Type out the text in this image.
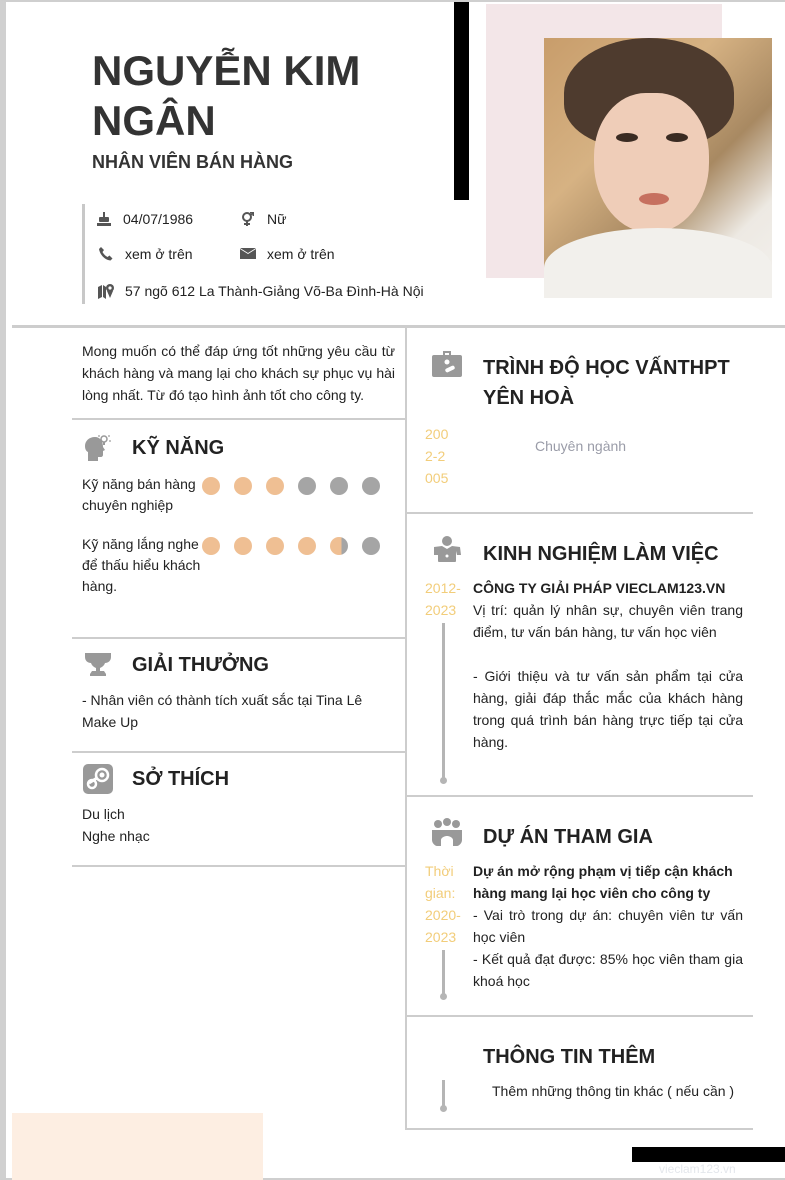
NGUYỄN KIM NGÂN
NHÂN VIÊN BÁN HÀNG
04/07/1986	Nữ
xem ở trên	xem ở trên
57 ngõ 612 La Thành-Giảng Võ-Ba Đình-Hà Nội
Mong muốn có thể đáp ứng tốt những yêu cầu từ khách hàng và mang lại cho khách sự phục vụ hài lòng nhất. Từ đó tạo hình ảnh tốt cho công ty.
KỸ NĂNG
Kỹ năng bán hàng chuyên nghiệp
Kỹ năng lắng nghe để thấu hiểu khách hàng.
GIẢI THƯỞNG
- Nhân viên có thành tích xuất sắc tại Tina Lê Make Up
SỞ THÍCH
Du lịch
Nghe nhạc
TRÌNH ĐỘ HỌC VẤNTHPT YÊN HOÀ
2002-2005
Chuyên ngành
KINH NGHIỆM LÀM VIỆC
2012-2023
CÔNG TY GIẢI PHÁP VIECLAM123.VN
Vị trí: quản lý nhân sự, chuyên viên trang điểm, tư vấn bán hàng, tư vấn học viên
- Giới thiệu và tư vấn sản phẩm tại cửa hàng, giải đáp thắc mắc của khách hàng trong quá trình bán hàng trực tiếp tại cửa hàng.
DỰ ÁN THAM GIA
Thời gian: 2020-2023
Dự án mở rộng phạm vị tiếp cận khách hàng mang lại học viên cho công ty
- Vai trò trong dự án: chuyên viên tư vấn học viên
- Kết quả đạt được: 85% học viên tham gia khoá học
THÔNG TIN THÊM
Thêm những thông tin khác ( nếu cần )
vieclam123.vn
